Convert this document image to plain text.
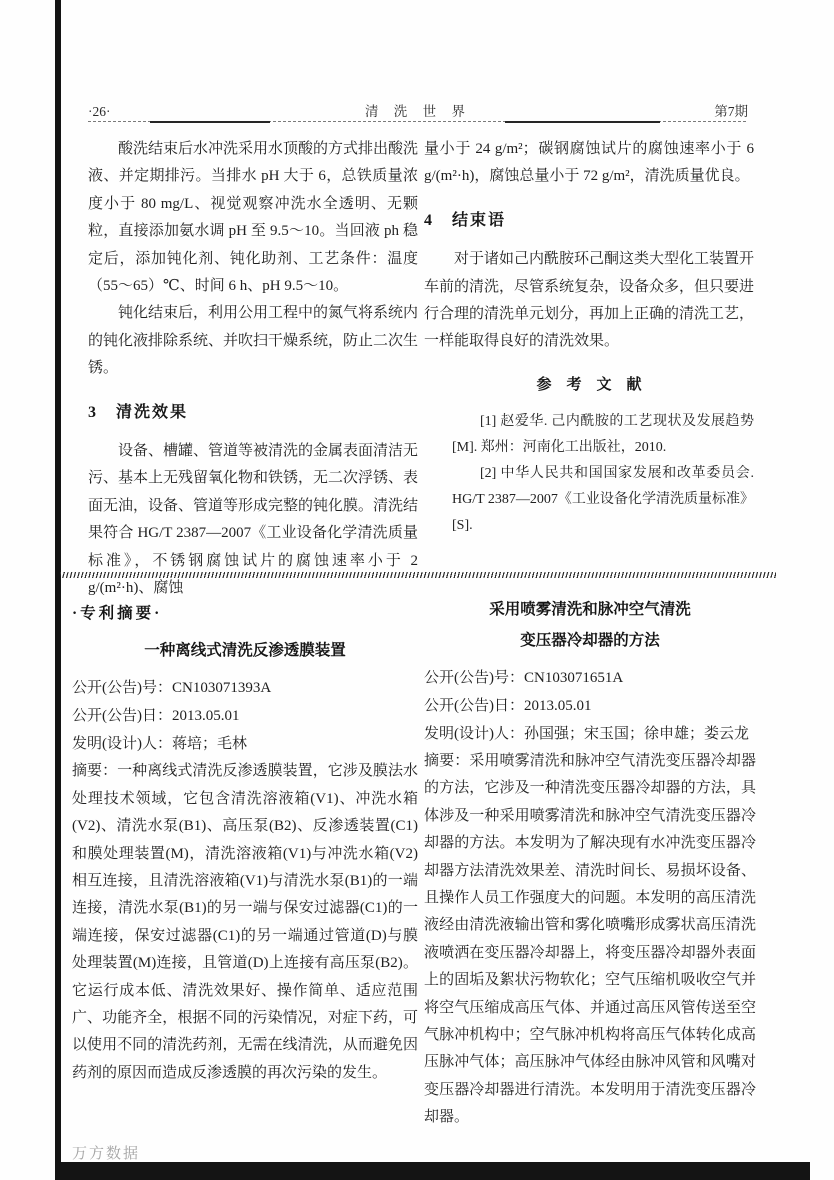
·26·	清 洗 世 界	第7期

酸洗结束后水冲洗采用水顶酸的方式排出酸洗液、并定期排污。当排水 pH 大于 6，总铁质量浓度小于 80 mg/L、视觉观察冲洗水全透明、无颗粒，直接添加氨水调 pH 至 9.5～10。当回液 ph 稳定后，添加钝化剂、钝化助剂、工艺条件：温度（55～65）℃、时间 6 h、pH 9.5～10。

钝化结束后，利用公用工程中的氮气将系统内的钝化液排除系统、并吹扫干燥系统，防止二次生锈。

3　清洗效果

设备、槽罐、管道等被清洗的金属表面清洁无污、基本上无残留氧化物和铁锈，无二次浮锈、表面无油，设备、管道等形成完整的钝化膜。清洗结果符合 HG/T 2387—2007《工业设备化学清洗质量标准》，不锈钢腐蚀试片的腐蚀速率小于 2 g/(m²·h)、腐蚀

量小于 24 g/m²；碳钢腐蚀试片的腐蚀速率小于 6 g/(m²·h)，腐蚀总量小于 72 g/m²，清洗质量优良。

4　结束语

对于诸如己内酰胺环己酮这类大型化工装置开车前的清洗，尽管系统复杂，设备众多，但只要进行合理的清洗单元划分，再加上正确的清洗工艺，一样能取得良好的清洗效果。

参　考　文　献

[1] 赵爱华. 己内酰胺的工艺现状及发展趋势 [M]. 郑州：河南化工出版社，2010.

[2] 中华人民共和国国家发展和改革委员会. HG/T 2387—2007《工业设备化学清洗质量标准》[S].

·专利摘要·
一种离线式清洗反渗透膜装置

公开(公告)号：CN103071393A

公开(公告)日：2013.05.01

发明(设计)人：蒋培；毛林

摘要：一种离线式清洗反渗透膜装置，它涉及膜法水处理技术领域，它包含清洗溶液箱(V1)、冲洗水箱(V2)、清洗水泵(B1)、高压泵(B2)、反渗透装置(C1)和膜处理装置(M)，清洗溶液箱(V1)与冲洗水箱(V2)相互连接，且清洗溶液箱(V1)与清洗水泵(B1)的一端连接，清洗水泵(B1)的另一端与保安过滤器(C1)的一端连接，保安过滤器(C1)的另一端通过管道(D)与膜处理装置(M)连接，且管道(D)上连接有高压泵(B2)。它运行成本低、清洗效果好、操作简单、适应范围广、功能齐全，根据不同的污染情况，对症下药，可以使用不同的清洗药剂，无需在线清洗，从而避免因药剂的原因而造成反渗透膜的再次污染的发生。

采用喷雾清洗和脉冲空气清洗变压器冷却器的方法

公开(公告)号：CN103071651A

公开(公告)日：2013.05.01

发明(设计)人：孙国强；宋玉国；徐申雄；娄云龙

摘要：采用喷雾清洗和脉冲空气清洗变压器冷却器的方法，它涉及一种清洗变压器冷却器的方法，具体涉及一种采用喷雾清洗和脉冲空气清洗变压器冷却器的方法。本发明为了解决现有水冲洗变压器冷却器方法清洗效果差、清洗时间长、易损坏设备、且操作人员工作强度大的问题。本发明的高压清洗液经由清洗液输出管和雾化喷嘴形成雾状高压清洗液喷洒在变压器冷却器上，将变压器冷却器外表面上的固垢及絮状污物软化；空气压缩机吸收空气并将空气压缩成高压气体、并通过高压风管传送至空气脉冲机构中；空气脉冲机构将高压气体转化成高压脉冲气体；高压脉冲气体经由脉冲风管和风嘴对变压器冷却器进行清洗。本发明用于清洗变压器冷却器。

万方数据
